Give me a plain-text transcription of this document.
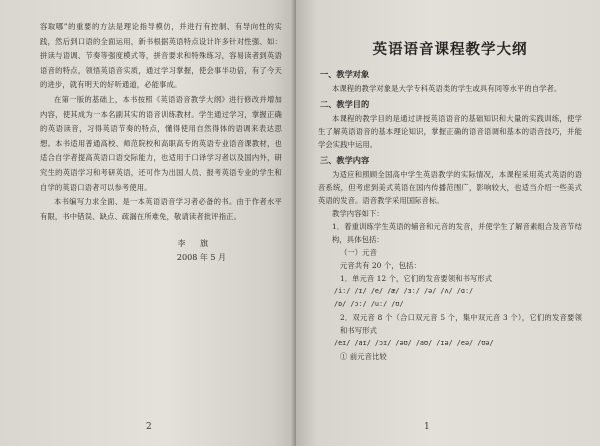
容取哪”的重要的方法是理论指导模仿，并进行有控制、有导向性的实践，然后到口语的全面运用，新书根据英语特点设计许多针对性强、如：拼读与语调、节奏等强度模式等，拼音要求和特殊练习，容易读者到英语语音的特点，领悟英语音实质，通过学习掌握，使会事半功倍，有了今天的进步，就有明天的好听通道，必能事成。

在第一版的基础上，本书按照《英语语音教学大纲》进行修改并增加内容，使其成为一本名副其实的语音训练教材。学生通过学习，掌握正确的英语读音，习得英语节奏的特点，懂得使用自然得体的语调来表达思想。本书适用普通高校、师范院校和高职高专的英语专业语音课教材，也适合自学者提高英语口语交际能力，也适用于口译学习者以及国内外，研究生的英语学习和考研英语，还可作为出国人员、报考英语专业的学生和自学的英语口语者可以参考使用。

本书编写力求全面、是一本英语语音学习者必备的书。由于作者水平有限，书中错误、缺点、疏漏在所难免，敬请读者批评指正。

李 旗

2008 年 5 月

2
英语语音课程教学大纲
一、教学对象

本课程的教学对象是大学专科英语类的学生或具有同等水平的自学者。

二、教学目的

本课程的教学目的是通过讲授英语语音的基础知识和大量的实践训练，使学生了解英语语音的基本理论知识，掌握正确的语音语调和基本的语音技巧，并能学会实践中运用。

三、教学内容

为适应和照顾全国高中学生英语教学的实际情况，本课程采用英式英语的语音系统，但考虑到美式英语在国内传播范围广，影响较大，也适当介绍一些美式英语的发音。语音教学采用国际音标。

教学内容如下：

1．着重训练学生英语的辅音和元音的发音，并使学生了解音素组合及音节结构，具体包括：

（一）元音

元音共有 20 个，包括：

1．单元音 12 个，它们的发音要领和书写形式

/iː/ /ɪ/ /e/ /æ/ /ɜː/ /ə/ /ʌ/ /ɑː/

/ɒ/ /ɔː/ /uː/ /ʊ/

2．双元音 8 个（合口双元音 5 个，集中双元音 3 个），它们的发音要领和书写形式

/eɪ/ /aɪ/ /ɔɪ/ /əʊ/ /aʊ/ /ɪə/ /eə/ /ʊə/

① 前元音比较

1
